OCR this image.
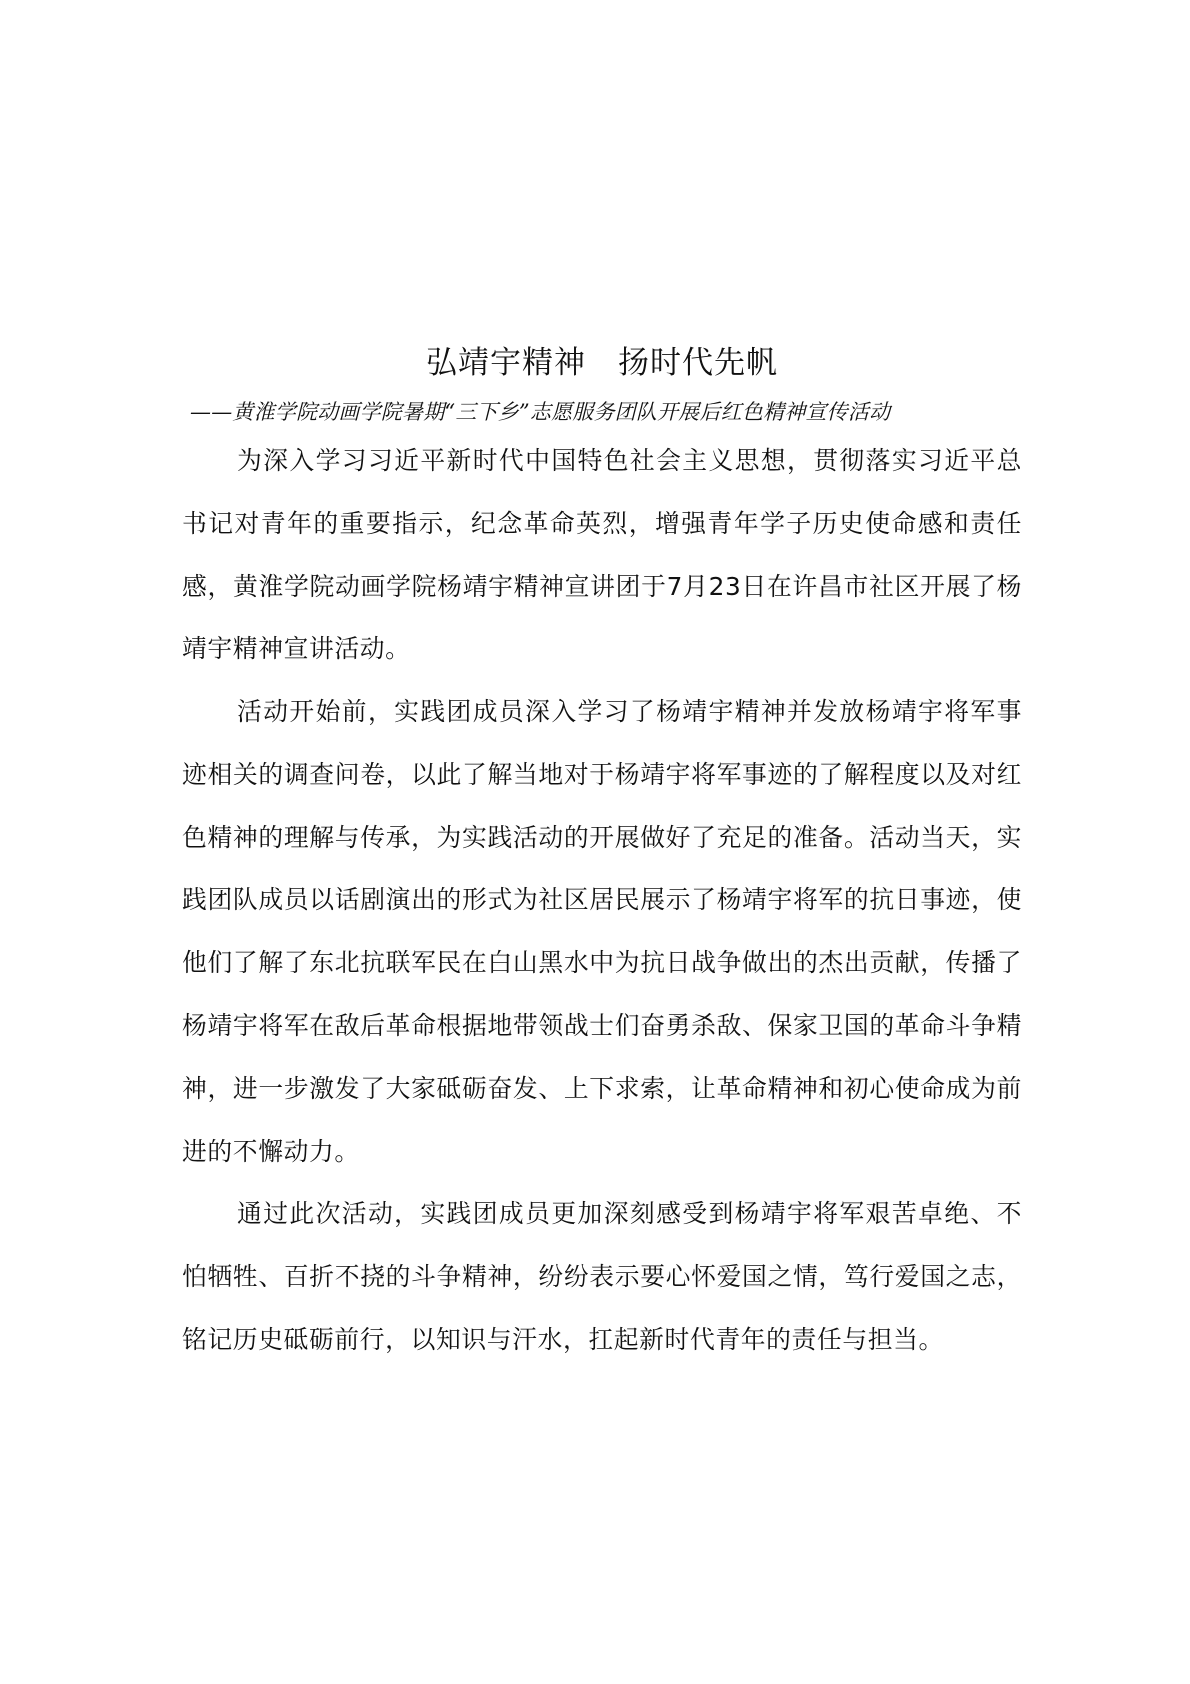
弘靖宇精神　扬时代先帆
——黄淮学院动画学院暑期“三下乡”志愿服务团队开展后红色精神宣传活动

为深入学习习近平新时代中国特色社会主义思想，贯彻落实习近平总书记对青年的重要指示，纪念革命英烈，增强青年学子历史使命感和责任感，黄淮学院动画学院杨靖宇精神宣讲团于7月23日在许昌市社区开展了杨靖宇精神宣讲活动。

活动开始前，实践团成员深入学习了杨靖宇精神并发放杨靖宇将军事迹相关的调查问卷，以此了解当地对于杨靖宇将军事迹的了解程度以及对红色精神的理解与传承，为实践活动的开展做好了充足的准备。活动当天，实践团队成员以话剧演出的形式为社区居民展示了杨靖宇将军的抗日事迹，使他们了解了东北抗联军民在白山黑水中为抗日战争做出的杰出贡献，传播了杨靖宇将军在敌后革命根据地带领战士们奋勇杀敌、保家卫国的革命斗争精神，进一步激发了大家砥砺奋发、上下求索，让革命精神和初心使命成为前进的不懈动力。

通过此次活动，实践团成员更加深刻感受到杨靖宇将军艰苦卓绝、不怕牺牲、百折不挠的斗争精神，纷纷表示要心怀爱国之情，笃行爱国之志，铭记历史砥砺前行，以知识与汗水，扛起新时代青年的责任与担当。
